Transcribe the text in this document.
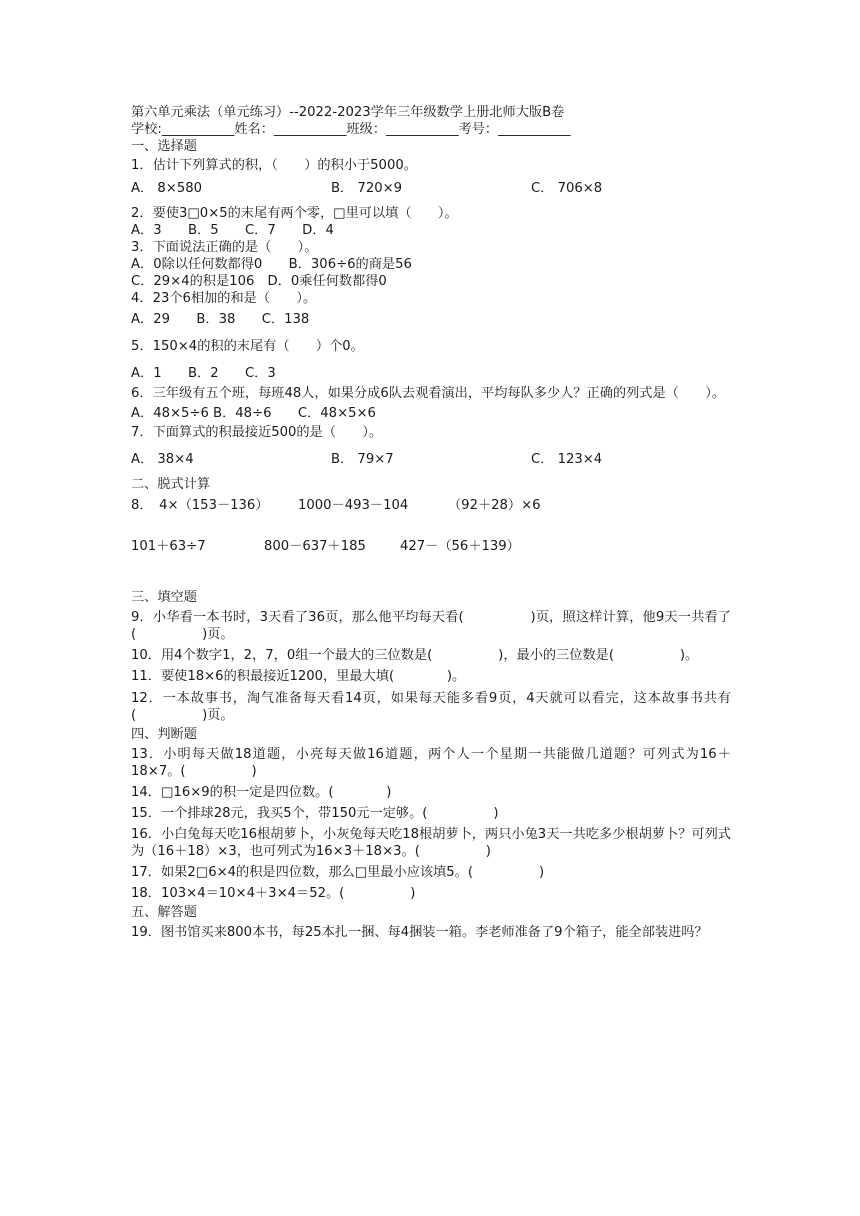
第六单元乘法（单元练习）--2022-2023学年三年级数学上册北师大版B卷
学校:___________姓名：___________班级：___________考号：___________
一、选择题
1．估计下列算式的积，（　　）的积小于5000。
A． 8×580	B． 720×9	C． 706×8
2．要使3□0×5的末尾有两个零，□里可以填（　　）。
A．3　　B．5　　C．7　　D．4
3．下面说法正确的是（　　）。
A．0除以任何数都得0　　B．306÷6的商是56
C．29×4的积是106　D．0乘任何数都得0
4．23个6相加的和是（　　）。
A．29　　B．38　　C．138
5．150×4的积的末尾有（　　）个0。
A．1　　B．2　　C．3
6．三年级有五个班，每班48人，如果分成6队去观看演出，平均每队多少人？正确的列式是（　　）。
A．48×5÷6 B．48÷6　　C．48×5×6
7．下面算式的积最接近500的是（　　）。
A． 38×4	B． 79×7	C． 123×4
二、脱式计算
8．　4×（153－136）	1000－493－104	（92＋28）×6
101＋63÷7	800－637＋185	427－（56＋139）
三、填空题
9．小华看一本书时，3天看了36页，那么他平均每天看(　　　　　)页，照这样计算，他9天一共看了(　　　　　)页。
10．用4个数字1，2，7，0组一个最大的三位数是(　　　　　)，最小的三位数是(　　　　　)。
11．要使18×6的积最接近1200，里最大填(　　　　)。
12．一本故事书，淘气准备每天看14页，如果每天能多看9页，4天就可以看完，这本故事书共有(　　　　　)页。
四、判断题
13．小明每天做18道题，小亮每天做16道题，两个人一个星期一共能做几道题？可列式为16＋18×7。(　　　　　)
14．□16×9的积一定是四位数。(　　　　)
15．一个排球28元，我买5个，带150元一定够。(　　　　　)
16．小白兔每天吃16根胡萝卜，小灰兔每天吃18根胡萝卜，两只小兔3天一共吃多少根胡萝卜？可列式为（16＋18）×3，也可列式为16×3＋18×3。(　　　　　)
17．如果2□6×4的积是四位数，那么□里最小应该填5。(　　　　　)
18．103×4＝10×4＋3×4＝52。(　　　　　)
五、解答题
19．图书馆买来800本书，每25本扎一捆、每4捆装一箱。李老师准备了9个箱子，能全部装进吗？
